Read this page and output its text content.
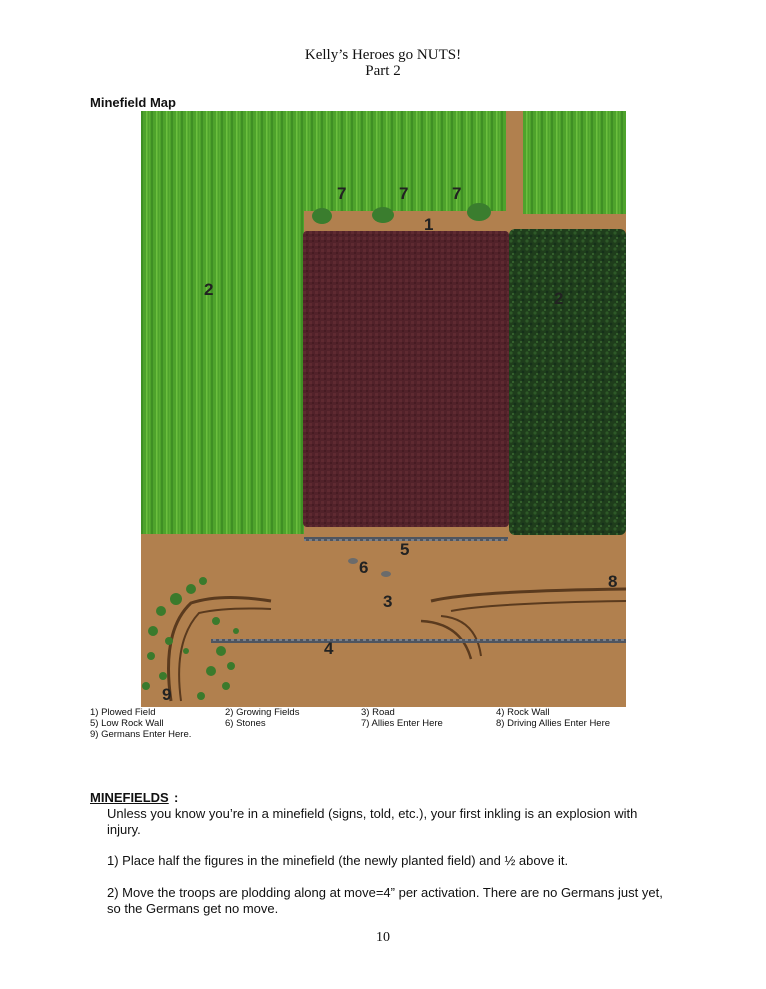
Kelly’s Heroes go NUTS!
Part 2
Minefield Map
7	7	7
1
2	2
5
6
3
8
4
9
1) Plowed Field	2) Growing Fields	3) Road	4) Rock Wall
5) Low Rock Wall	6) Stones	7) Allies Enter Here	8) Driving Allies Enter Here
9) Germans Enter Here.
MINEFIELDS :
Unless you know you’re in a minefield (signs, told, etc.), your first inkling is an explosion with injury.
1) Place half the figures in the minefield (the newly planted field) and ½ above it.
2) Move the troops are plodding along at move=4” per activation. There are no Germans just yet, so the Germans get no move.
10
